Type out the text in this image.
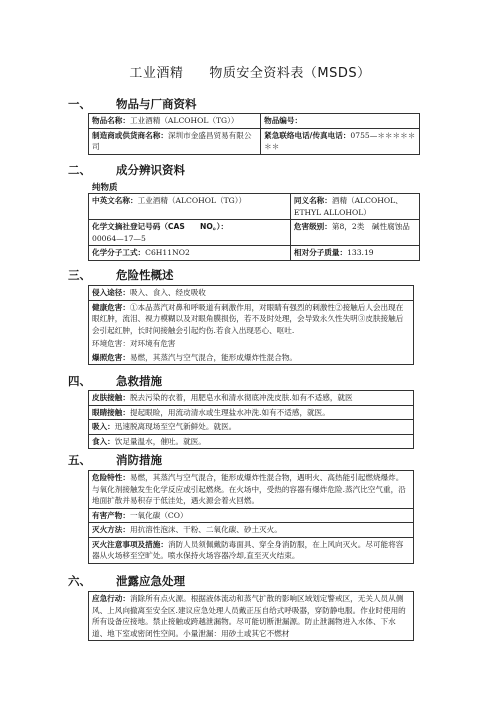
工业酒精 物质安全资料表（MSDS）
一、 物品与厂商资料
物品名称：工业酒精（ALCOHOL（TG））	物品编号：
制造商或供货商名称：深圳市金盛昌贸易有限公司	紧急联络电话/传真电话：0755—＊＊＊＊＊＊＊
二、 成分辨识资料
纯物质
中英文名称：工业酒精（ALCOHOL（TG））	同义名称：酒精（ALCOHOL、ETHYL ALLOHOL）
化学文摘社登记号码（CAS　　NO。）：
00064—17—5	危害级别：第8，2类　碱性腐蚀品
化学分子工式：C6H11NO2	相对分子质量：133.19
三、 危险性概述
侵入途径：吸入、食入、经皮吸收
健康危害：①本品蒸汽对鼻和呼吸道有刺激作用，对眼睛有强烈的刺激性②接触后人会出现在眼红肿，流泪、视力模糊以及对眼角膜损伤，若不及时处理，会导致永久性失明③皮肤接触后会引起红肿，长时间接触会引起灼伤.若食入出现恶心、呕吐.
环境危害：对环境有危害
爆照危害：易燃，其蒸汽与空气混合，能形成爆炸性混合物。
四、 急救措施
皮肤接触：脱去污染的衣着，用肥皂水和清水彻底冲洗皮肤.如有不适感，就医
眼睛接触：提起眼睑，用流动清水或生理盐水冲洗.如有不适感，就医。
吸入：迅速脱离现场至空气新鲜处。就医。
食入：饮足量温水，催吐。就医。
五、 消防措施
危险特性：易燃，其蒸汽与空气混合，能形成爆炸性混合物，遇明火、高热能引起燃烧爆炸。与氧化剂接触发生化学反应或引起燃烧。在火场中，受热的容器有爆炸危险.蒸汽比空气重，沿地面扩散并易积存于低洼处，遇火源会着火回燃。
有害产物：一氧化碳（CO）
灭火方法：用抗溶性泡沫、干粉、二氧化碳、砂土灭火。
灭火注意事项及措施：消防人员须佩戴防毒面具、穿全身消防服，在上风向灭火。尽可能将容器从火场移至空旷处。喷水保持火场容器冷却,直至灭火结束。
六、 泄露应急处理
应急行动：消除所有点火源。根据液体流动和蒸气扩散的影响区域划定警戒区，无关人员从侧风、上风向撤离至安全区.建议应急处理人员戴正压自给式呼吸器，穿防静电服。作业时使用的所有设备应接地。禁止接触或跨越泄漏物。尽可能切断泄漏源。防止泄漏物进入水体、下水道、地下室或密闭性空间。小量泄漏：用砂土或其它不燃材
